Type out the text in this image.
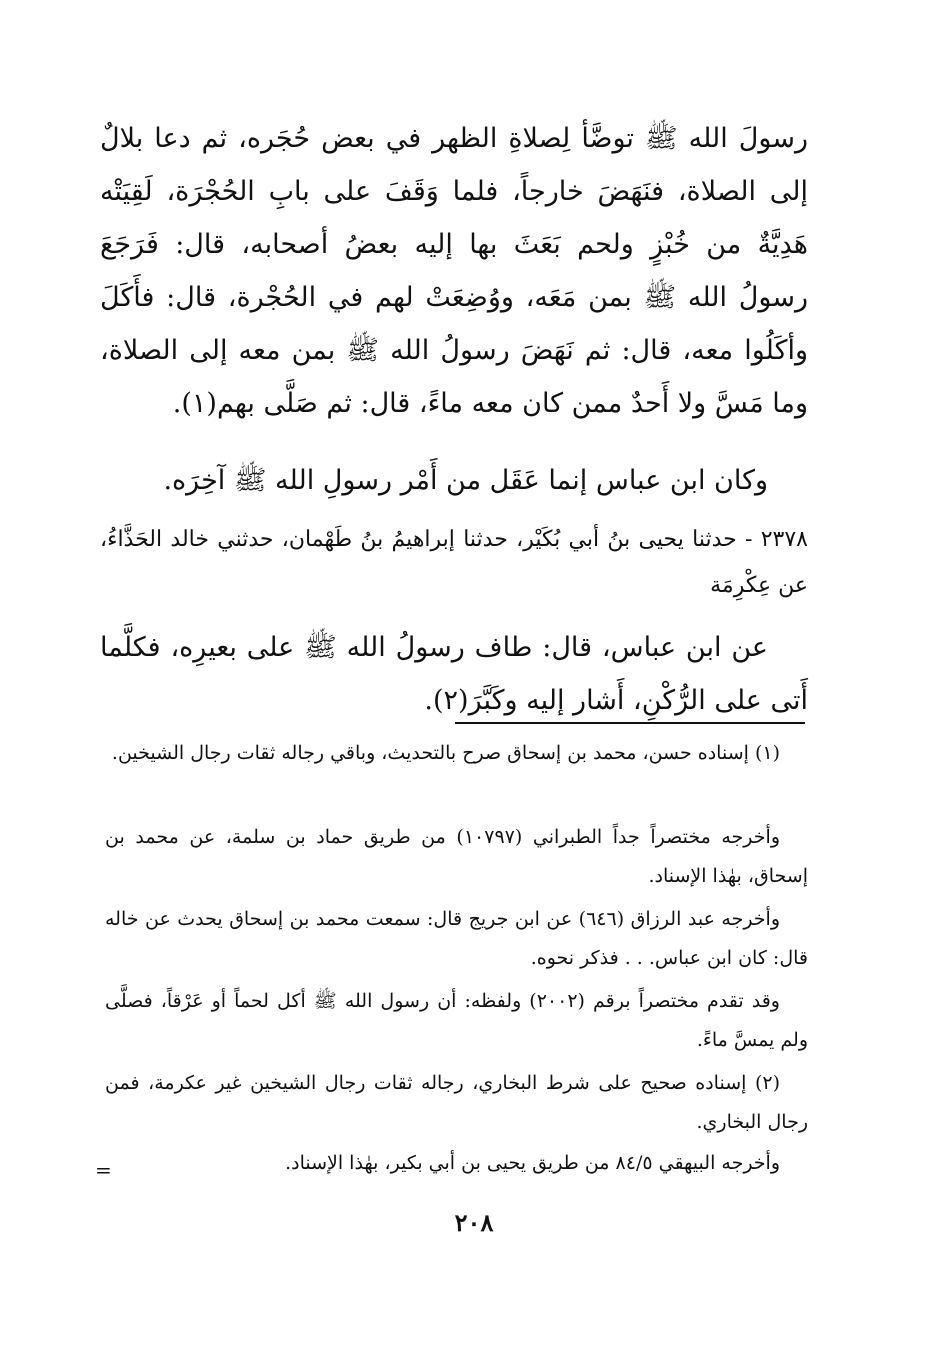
رسولَ الله ﷺ توضَّأ لِصلاةِ الظهر في بعض حُجَره، ثم دعا بلالٌ إلى الصلاة، فنَهَضَ خارجاً، فلما وَقَفَ على بابِ الحُجْرَة، لَقِيَتْه هَدِيَّةٌ من خُبْزٍ ولحم بَعَثَ بها إليه بعضُ أصحابه، قال: فَرَجَعَ رسولُ الله ﷺ بمن مَعَه، ووُضِعَتْ لهم في الحُجْرة، قال: فأَكَلَ وأكَلُوا معه، قال: ثم نَهَضَ رسولُ الله ﷺ بمن معه إلى الصلاة، وما مَسَّ ولا أَحدٌ ممن كان معه ماءً، قال: ثم صَلَّى بهم(١).

وكان ابن عباس إنما عَقَل من أَمْر رسولِ الله ﷺ آخِرَه.

٢٣٧٨ - حدثنا يحيى بنُ أبي بُكَيْر، حدثنا إبراهيمُ بنُ طَهْمان، حدثني خالد الحَذَّاءُ، عن عِكْرِمَة

عن ابن عباس، قال: طاف رسولُ الله ﷺ على بعيرِه، فكلَّما أَتى على الرُّكْنِ، أَشار إليه وكَبَّرَ(٢).

(١) إسناده حسن، محمد بن إسحاق صرح بالتحديث، وباقي رجاله ثقات رجال الشيخين.

وأخرجه مختصراً جداً الطبراني (١٠٧٩٧) من طريق حماد بن سلمة، عن محمد بن إسحاق، بهٰذا الإسناد.

وأخرجه عبد الرزاق (٦٤٦) عن ابن جريج قال: سمعت محمد بن إسحاق يحدث عن خاله قال: كان ابن عباس. . . فذكر نحوه.

وقد تقدم مختصراً برقم (٢٠٠٢) ولفظه: أن رسول الله ﷺ أكل لحماً أو عَرْقاً، فصلَّى ولم يمسَّ ماءً.

(٢) إسناده صحيح على شرط البخاري، رجاله ثقات رجال الشيخين غير عكرمة، فمن رجال البخاري.

وأخرجه البيهقي ٨٤/٥ من طريق يحيى بن أبي بكير، بهٰذا الإسناد.

=
٢٠٨
